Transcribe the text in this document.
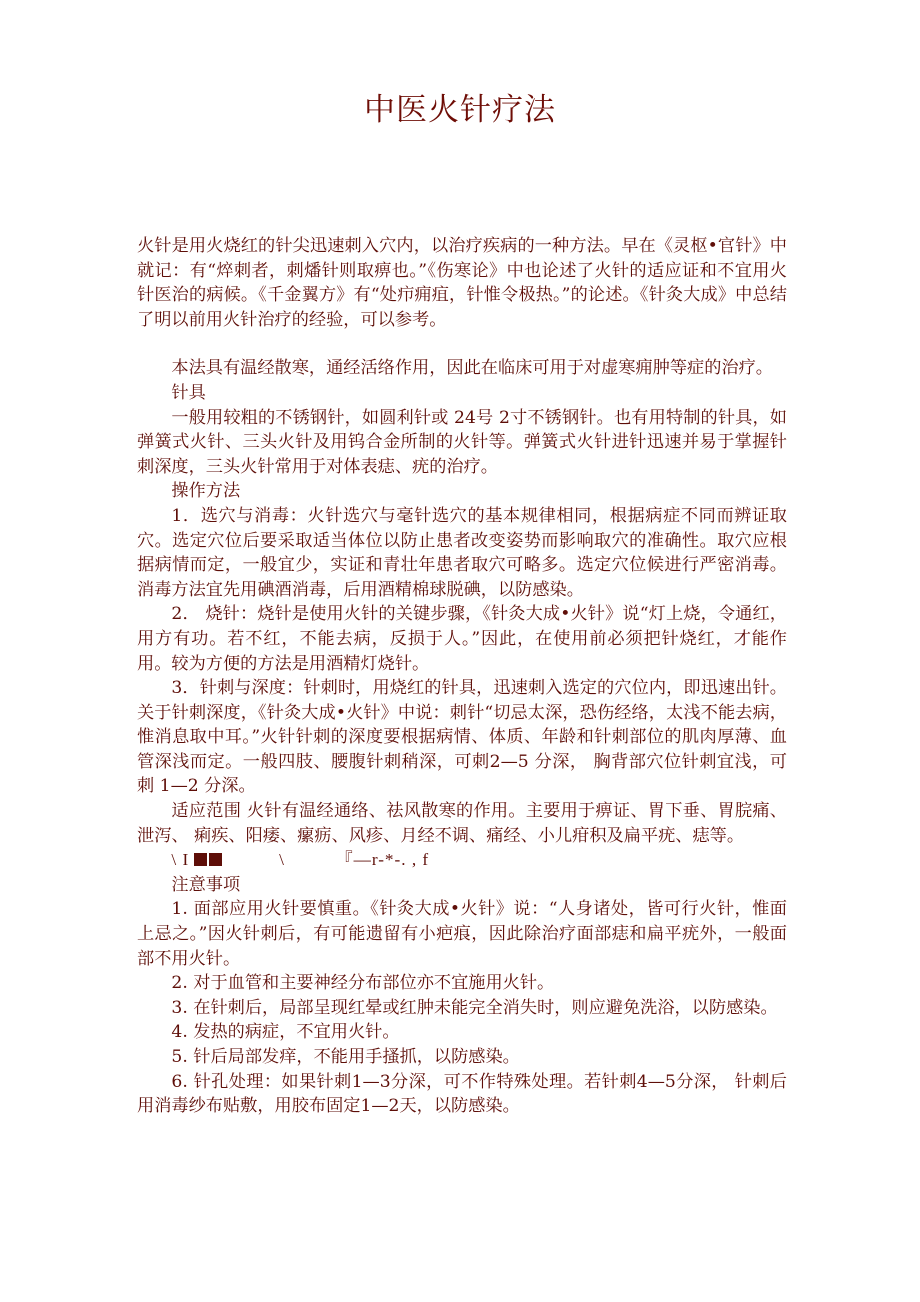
中医火针疗法

火针是用火烧红的针尖迅速刺入穴内，以治疗疾病的一种方法。早在《灵枢•官针》中就记：有“焠刺者，刺燔针则取痹也。”《伤寒论》中也论述了火针的适应证和不宜用火针医治的病候。《千金翼方》有“处疖痈疽，针惟令极热。”的论述。《针灸大成》中总结了明以前用火针治疗的经验，可以参考。

本法具有温经散寒，通经活络作用，因此在临床可用于对虚寒痈肿等症的治疗。

针具

一般用较粗的不锈钢针，如圆利针或 24号 2寸不锈钢针。也有用特制的针具，如弹簧式火针、三头火针及用钨合金所制的火针等。弹簧式火针进针迅速并易于掌握针刺深度，三头火针常用于对体表痣、疣的治疗。

操作方法

1．选穴与消毒：火针选穴与毫针选穴的基本规律相同，根据病症不同而辨证取穴。选定穴位后要采取适当体位以防止患者改变姿势而影响取穴的准确性。取穴应根据病情而定，一般宜少，实证和青壮年患者取穴可略多。选定穴位候进行严密消毒。消毒方法宜先用碘酒消毒，后用酒精棉球脱碘，以防感染。

2． 烧针：烧针是使用火针的关键步骤，《针灸大成•火针》说“灯上烧，令通红，用方有功。若不红，不能去病，反损于人。”因此，在使用前必须把针烧红，才能作用。较为方便的方法是用酒精灯烧针。

3．针刺与深度：针刺时，用烧红的针具，迅速刺入选定的穴位内，即迅速出针。关于针刺深度，《针灸大成•火针》中说：刺针“切忌太深，恐伤经络，太浅不能去病，惟消息取中耳。”火针针刺的深度要根据病情、体质、年龄和针刺部位的肌肉厚薄、血管深浅而定。一般四肢、腰腹针刺稍深，可刺2—5 分深， 胸背部穴位针刺宜浅，可刺 1—2 分深。

适应范围 火针有温经通络、祛风散寒的作用。主要用于痹证、胃下垂、胃脘痛、泄泻、 痢疾、阳痿、瘰疬、风疹、月经不调、痛经、小儿疳积及扁平疣、痣等。

\ I	\	『—r-*-. , f

注意事项

1. 面部应用火针要慎重。《针灸大成•火针》说：“人身诸处，皆可行火针，惟面上忌之。”因火针刺后，有可能遗留有小疤痕，因此除治疗面部痣和扁平疣外，一般面部不用火针。

2. 对于血管和主要神经分布部位亦不宜施用火针。

3. 在针刺后，局部呈现红晕或红肿未能完全消失时，则应避免洗浴，以防感染。

4. 发热的病症，不宜用火针。

5. 针后局部发痒，不能用手搔抓，以防感染。

6. 针孔处理：如果针刺1—3分深，可不作特殊处理。若针刺4—5分深， 针刺后用消毒纱布贴敷，用胶布固定1—2天，以防感染。
